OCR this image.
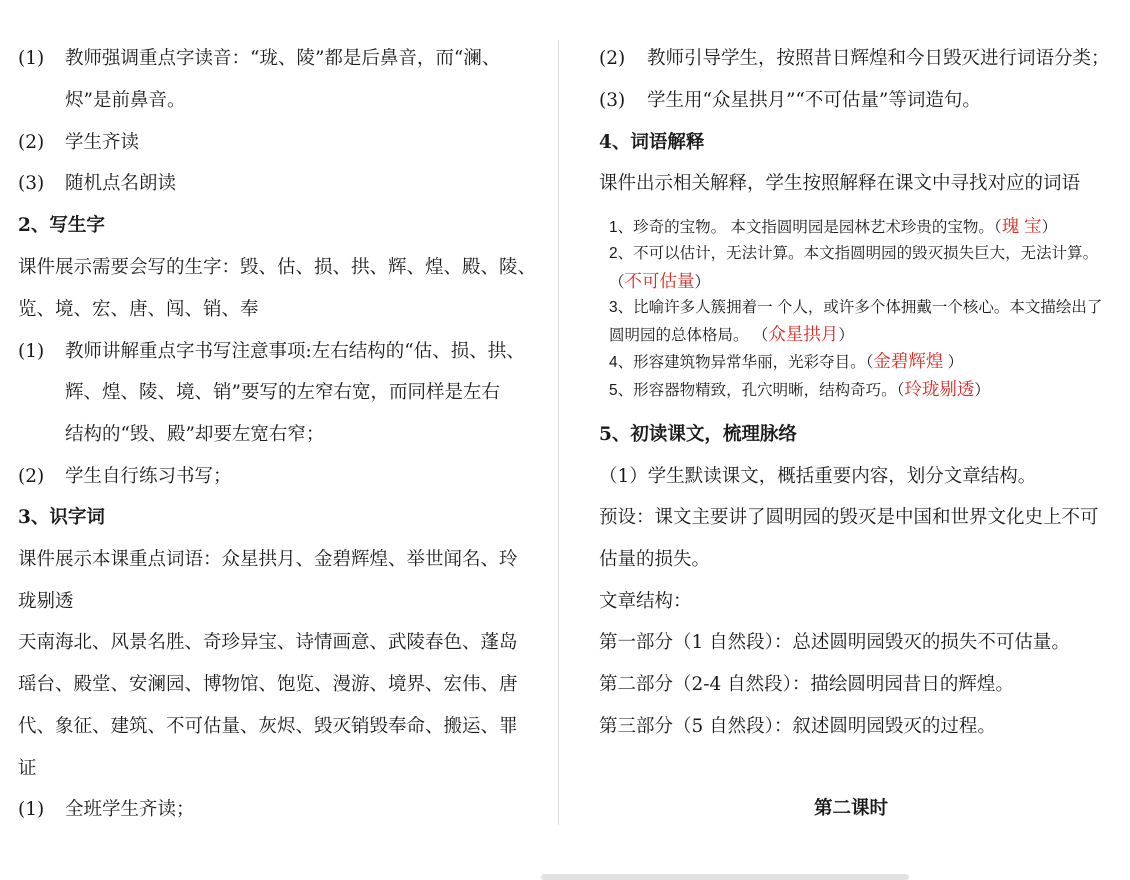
(1) 教师强调重点字读音：“珑、陵”都是后鼻音，而“澜、
烬”是前鼻音。
(2) 学生齐读
(3) 随机点名朗读
2、写生字
课件展示需要会写的生字：毁、估、损、拱、辉、煌、殿、陵、
览、境、宏、唐、闯、销、奉
(1) 教师讲解重点字书写注意事项:左右结构的“估、损、拱、
辉、煌、陵、境、销”要写的左窄右宽，而同样是左右
结构的“毁、殿”却要左宽右窄；
(2) 学生自行练习书写；
3、识字词
课件展示本课重点词语：众星拱月、金碧辉煌、举世闻名、玲
珑剔透
天南海北、风景名胜、奇珍异宝、诗情画意、武陵春色、蓬岛
瑶台、殿堂、安澜园、博物馆、饱览、漫游、境界、宏伟、唐
代、象征、建筑、不可估量、灰烬、毁灭销毁奉命、搬运、罪
证
(1) 全班学生齐读；
(2) 教师引导学生，按照昔日辉煌和今日毁灭进行词语分类；
(3) 学生用“众星拱月”“不可估量”等词造句。
4、词语解释
课件出示相关解释，学生按照解释在课文中寻找对应的词语
1、珍奇的宝物。 本文指圆明园是园林艺术珍贵的宝物。（瑰 宝）
2、不可以估计，无法计算。本文指圆明园的毁灭损失巨大，无法计算。
（不可估量）
3、比喻许多人簇拥着一 个人，或许多个体拥戴一个核心。本文描绘出了
圆明园的总体格局。 （众星拱月）
4、形容建筑物异常华丽，光彩夺目。（金碧辉煌 ）
5、形容器物精致，孔穴明晰，结构奇巧。（玲珑剔透）
5、初读课文，梳理脉络
（1）学生默读课文，概括重要内容，划分文章结构。
预设：课文主要讲了圆明园的毁灭是中国和世界文化史上不可
估量的损失。
文章结构：
第一部分（1 自然段）：总述圆明园毁灭的损失不可估量。
第二部分（2-4 自然段）：描绘圆明园昔日的辉煌。
第三部分（5 自然段）：叙述圆明园毁灭的过程。
第二课时
